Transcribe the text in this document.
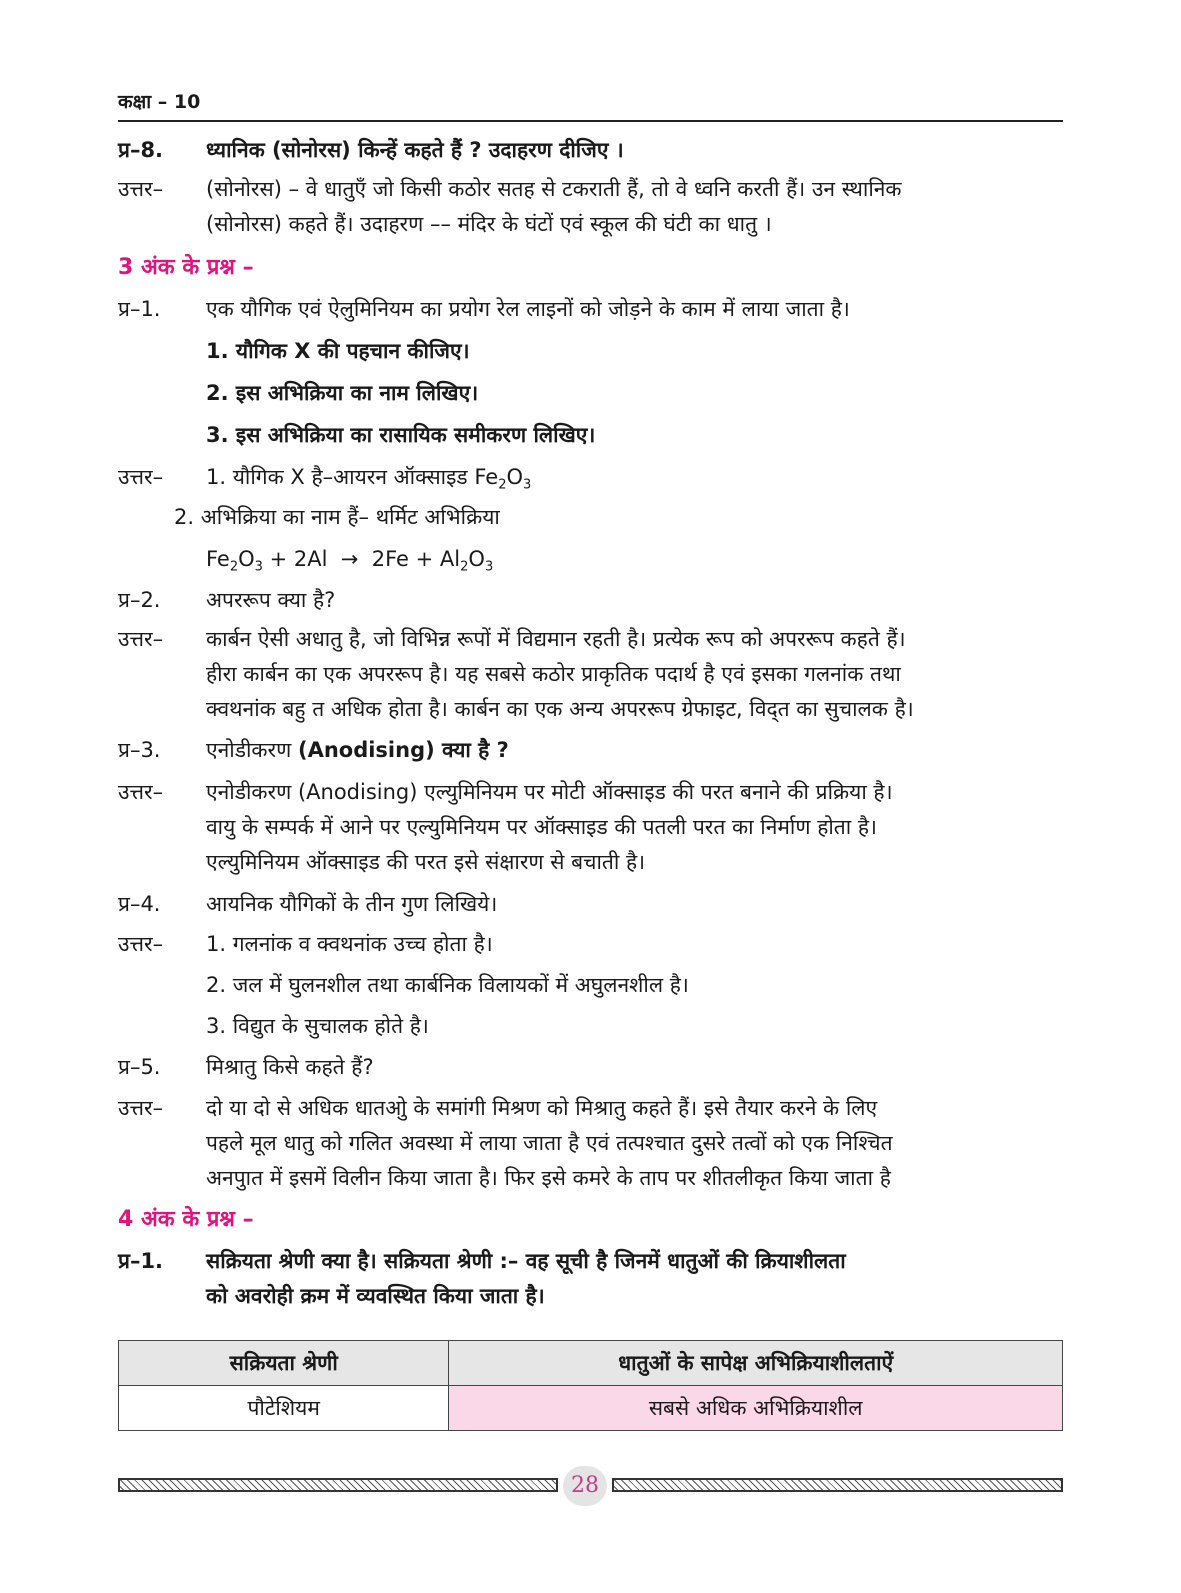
कक्षा – 10
प्र–8.	ध्यानिक (सोनोरस) किन्हें कहते हैं ? उदाहरण दीजिए ।
उत्तर–	(सोनोरस) – वे धातुएँ जो किसी कठोर सतह से टकराती हैं, तो वे ध्वनि करती हैं। उन स्थानिक
(सोनोरस) कहते हैं। उदाहरण –– मंदिर के घंटों एवं स्कूल की घंटी का धातु ।
3 अंक के प्रश्न –
प्र–1.	एक यौगिक एवं ऐलुमिनियम का प्रयोग रेल लाइनों को जोड़ने के काम में लाया जाता है।
1. यौगिक X की पहचान कीजिए।
2. इस अभिक्रिया का नाम लिखिए।
3. इस अभिक्रिया का रासायिक समीकरण लिखिए।
उत्तर–	1. यौगिक X है–आयरन ऑक्साइड $Fe_2O_3$
2. अभिक्रिया का नाम हैं– थर्मिट अभिक्रिया
$Fe_2O_3 + 2Al \to 2Fe + Al_2O_3$
प्र–2.	अपररूप क्या है?
उत्तर–	कार्बन ऐसी अधातु है, जो विभिन्न रूपों में विद्यमान रहती है। प्रत्येक रूप को अपररूप कहते हैं।
हीरा कार्बन का एक अपररूप है। यह सबसे कठोर प्राकृतिक पदार्थ है एवं इसका गलनांक तथा
क्वथनांक बहु त अधिक होता है। कार्बन का एक अन्य अपररूप ग्रेफाइट, विद्त का सुचालक है।
प्र–3.	एनोडीकरण (Anodising) क्या है ?
उत्तर–	एनोडीकरण (Anodising) एल्युमिनियम पर मोटी ऑक्साइड की परत बनाने की प्रक्रिया है।
वायु के सम्पर्क में आने पर एल्युमिनियम पर ऑक्साइड की पतली परत का निर्माण होता है।
एल्युमिनियम ऑक्साइड की परत इसे संक्षारण से बचाती है।
प्र–4.	आयनिक यौगिकों के तीन गुण लिखिये।
उत्तर–	1. गलनांक व क्वथनांक उच्च होता है।
2. जल में घुलनशील तथा कार्बनिक विलायकों में अघुलनशील है।
3. विद्युत के सुचालक होते है।
प्र–5.	मिश्रातु किसे कहते हैं?
उत्तर–	दो या दो से अधिक धातओु के समांगी मिश्रण को मिश्रातु कहते हैं। इसे तैयार करने के लिए
पहले मूल धातु को गलित अवस्था में लाया जाता है एवं तत्पश्चात दुसरे तत्वों को एक निश्चित
अनपुात में इसमें विलीन किया जाता है। फिर इसे कमरे के ताप पर शीतलीकृत किया जाता है
4 अंक के प्रश्न –
प्र–1.	सक्रियता श्रेणी क्या है। सक्रियता श्रेणी :– वह सूची है जिनमें धातुओं की क्रियाशीलता
को अवरोही क्रम में व्यवस्थित किया जाता है।
सक्रियता श्रेणी	धातुओं के सापेक्ष अभिक्रियाशीलताऐं
पौटेशियम	सबसे अधिक अभिक्रियाशील
28
